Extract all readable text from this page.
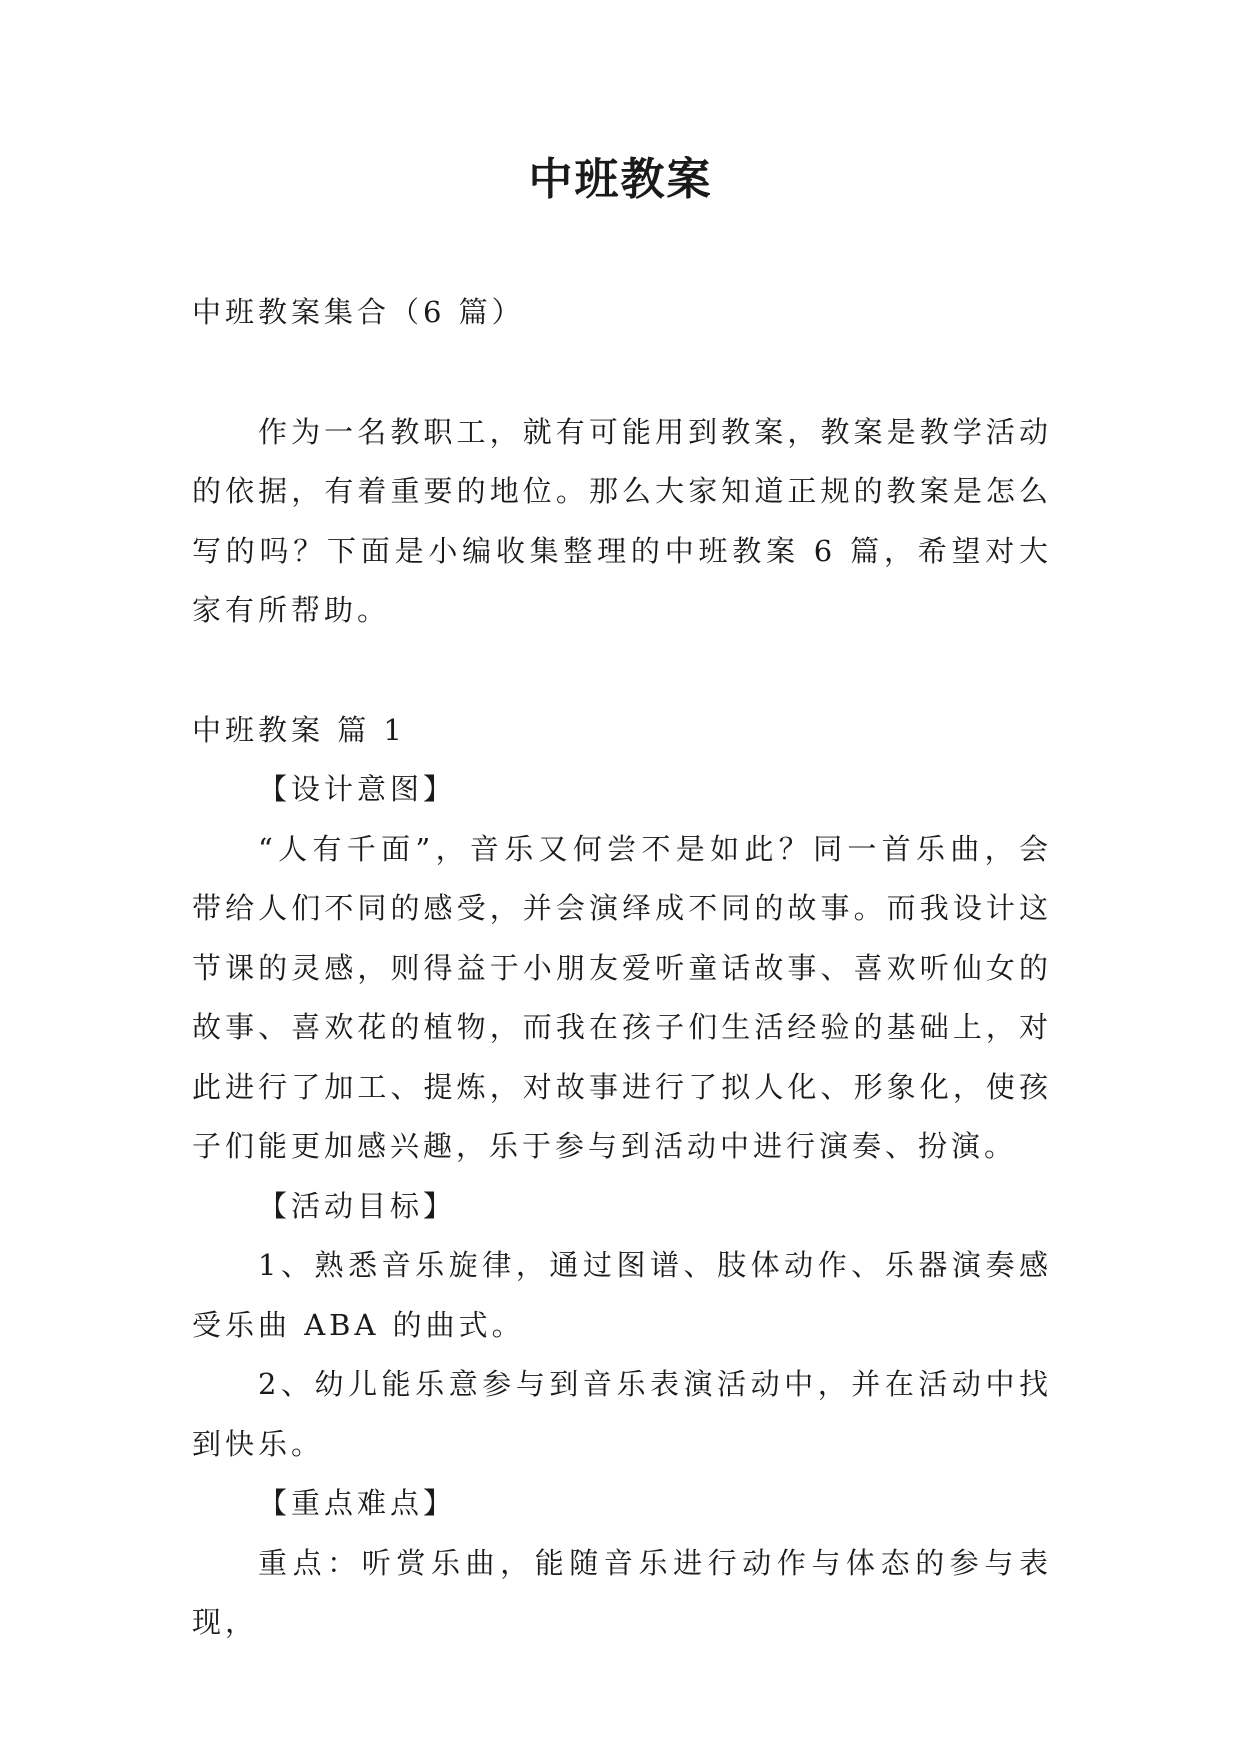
中班教案

中班教案集合（6 篇）

作为一名教职工，就有可能用到教案，教案是教学活动的依据，有着重要的地位。那么大家知道正规的教案是怎么写的吗？下面是小编收集整理的中班教案 6 篇，希望对大家有所帮助。

中班教案 篇 1

【设计意图】

“人有千面”，音乐又何尝不是如此？同一首乐曲，会带给人们不同的感受，并会演绎成不同的故事。而我设计这节课的灵感，则得益于小朋友爱听童话故事、喜欢听仙女的故事、喜欢花的植物，而我在孩子们生活经验的基础上，对此进行了加工、提炼，对故事进行了拟人化、形象化，使孩子们能更加感兴趣，乐于参与到活动中进行演奏、扮演。

【活动目标】

1、熟悉音乐旋律，通过图谱、肢体动作、乐器演奏感受乐曲 ABA 的曲式。

2、幼儿能乐意参与到音乐表演活动中，并在活动中找到快乐。

【重点难点】

重点：听赏乐曲，能随音乐进行动作与体态的参与表现，
